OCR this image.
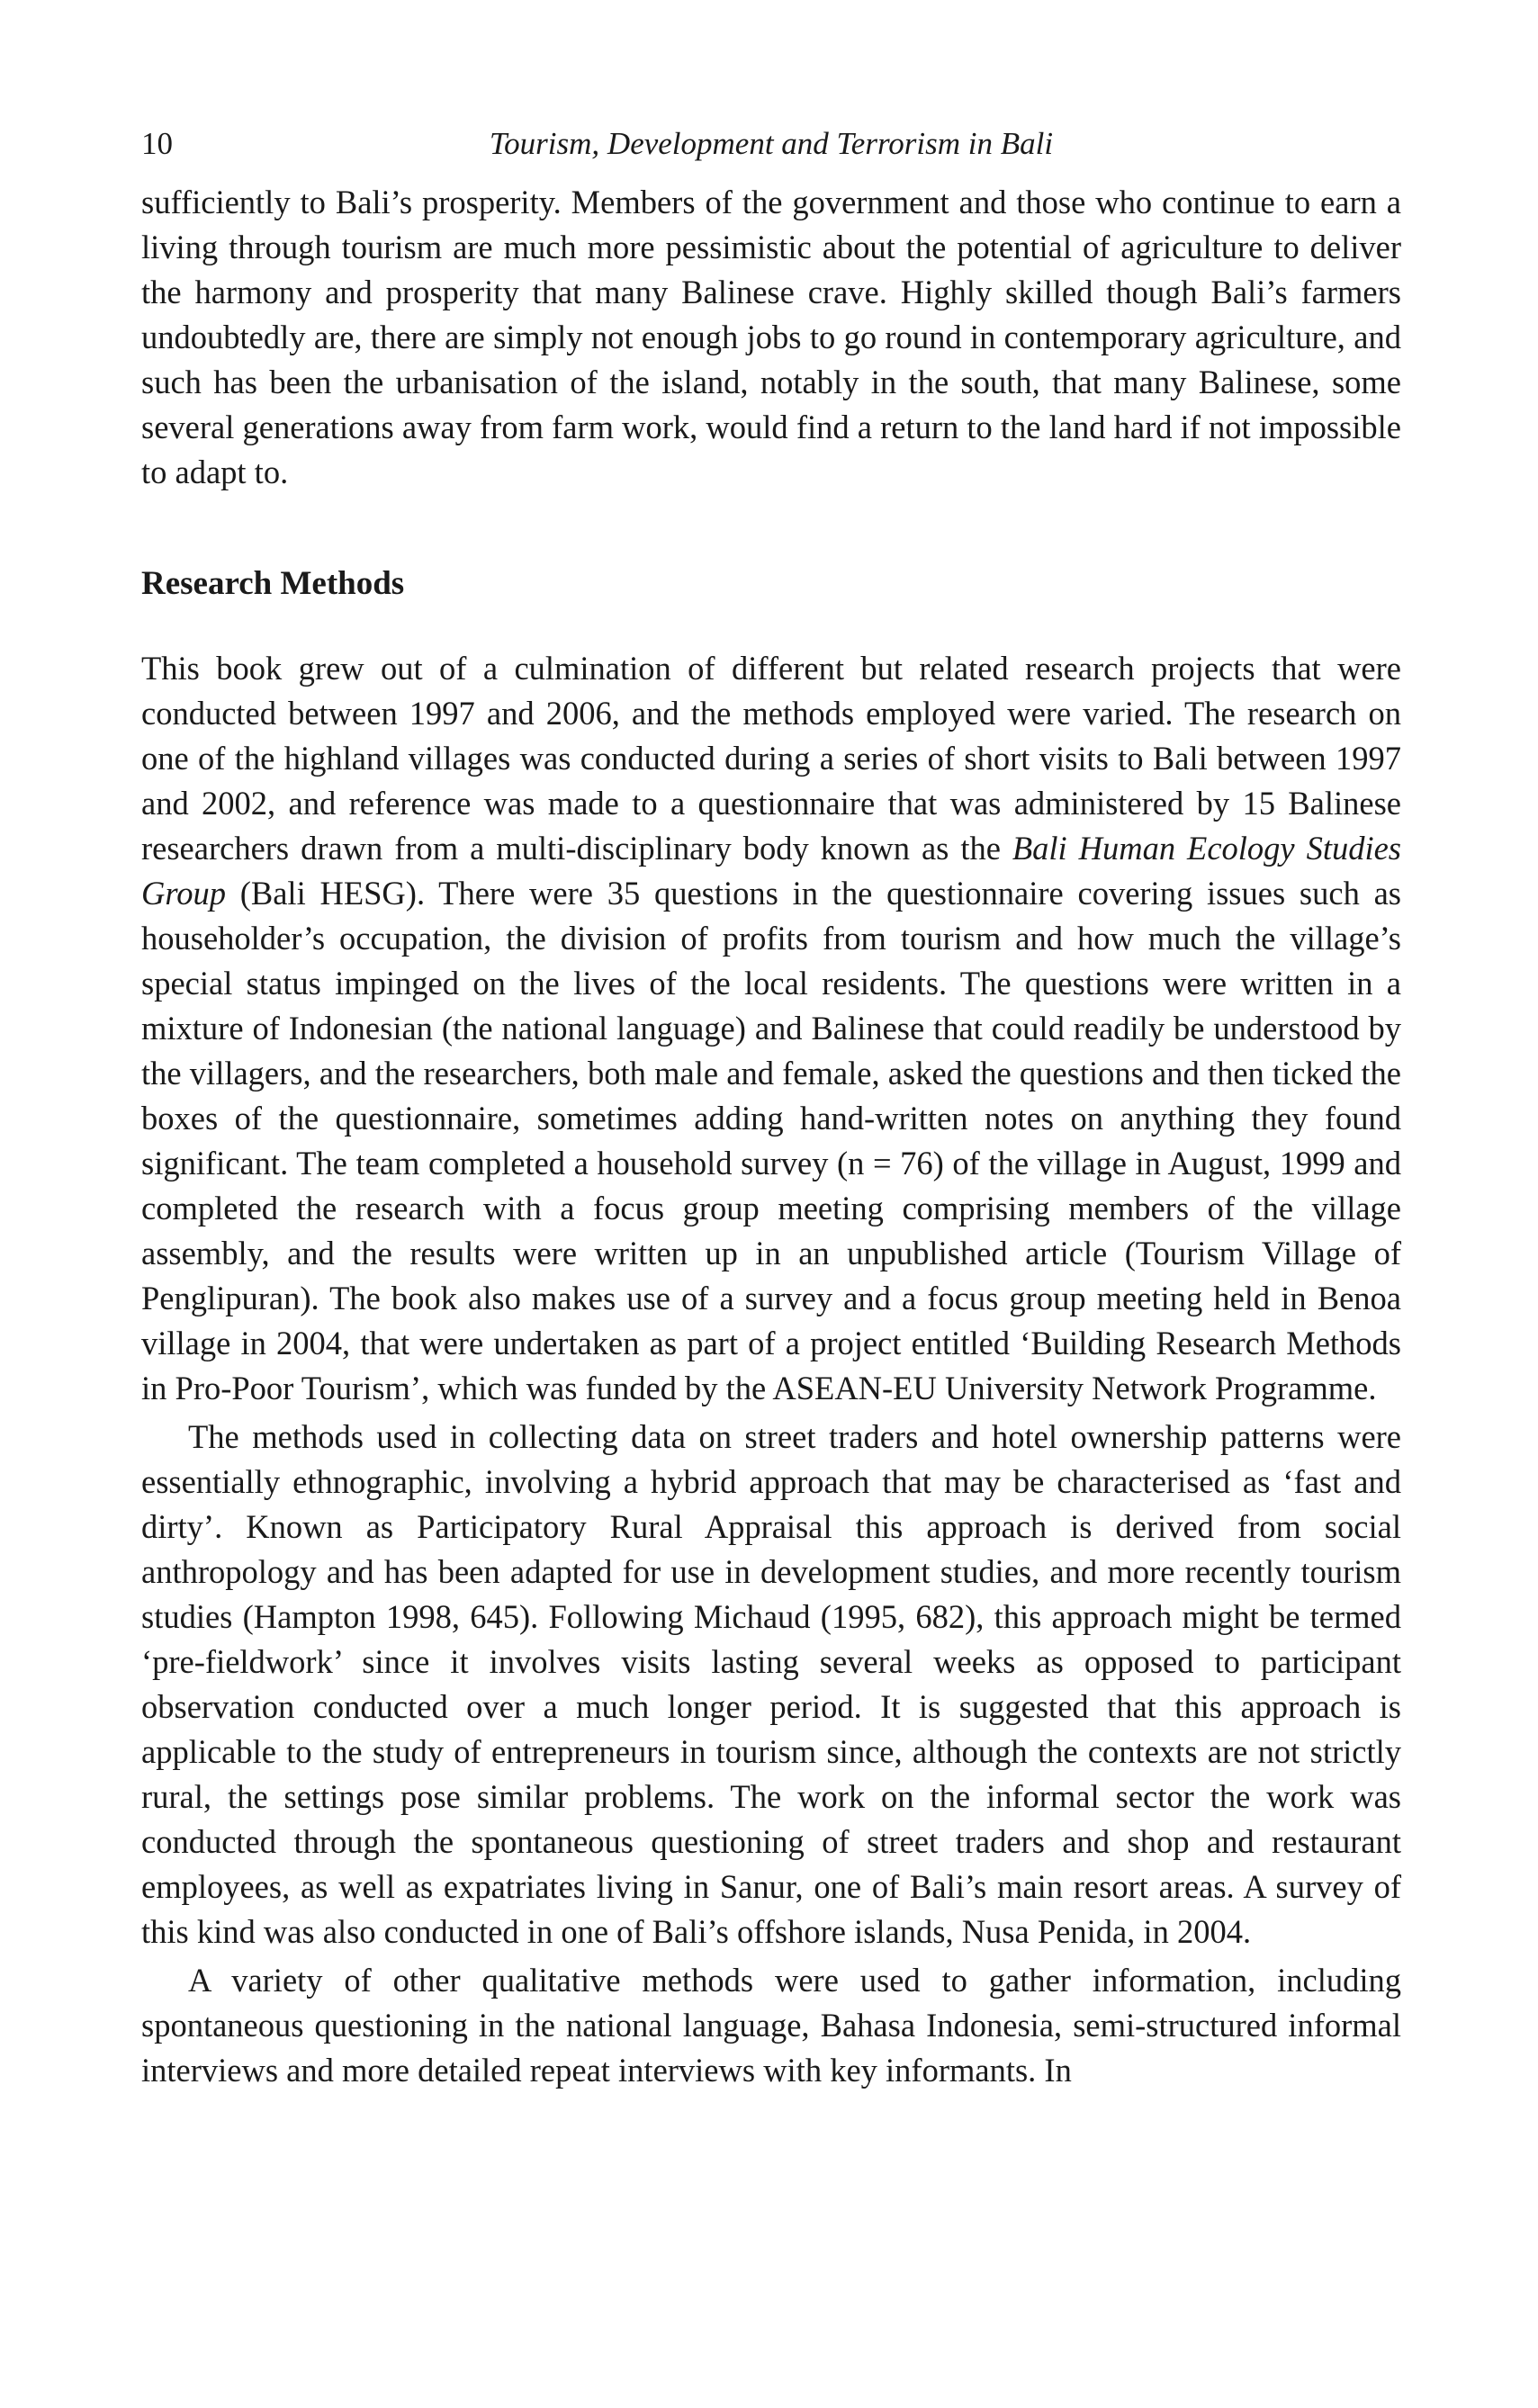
10	Tourism, Development and Terrorism in Bali

sufficiently to Bali’s prosperity. Members of the government and those who continue to earn a living through tourism are much more pessimistic about the potential of agriculture to deliver the harmony and prosperity that many Balinese crave. Highly skilled though Bali’s farmers undoubtedly are, there are simply not enough jobs to go round in contemporary agriculture, and such has been the urbanisation of the island, notably in the south, that many Balinese, some several generations away from farm work, would find a return to the land hard if not impossible to adapt to.

Research Methods

This book grew out of a culmination of different but related research projects that were conducted between 1997 and 2006, and the methods employed were varied. The research on one of the highland villages was conducted during a series of short visits to Bali between 1997 and 2002, and reference was made to a questionnaire that was administered by 15 Balinese researchers drawn from a multi-disciplinary body known as the Bali Human Ecology Studies Group (Bali HESG). There were 35 questions in the questionnaire covering issues such as householder’s occupation, the division of profits from tourism and how much the village’s special status impinged on the lives of the local residents. The questions were written in a mixture of Indonesian (the national language) and Balinese that could readily be understood by the villagers, and the researchers, both male and female, asked the questions and then ticked the boxes of the questionnaire, sometimes adding hand-written notes on anything they found significant. The team completed a household survey (n = 76) of the village in August, 1999 and completed the research with a focus group meeting comprising members of the village assembly, and the results were written up in an unpublished article (Tourism Village of Penglipuran). The book also makes use of a survey and a focus group meeting held in Benoa village in 2004, that were undertaken as part of a project entitled ‘Building Research Methods in Pro-Poor Tourism’, which was funded by the ASEAN-EU University Network Programme.

The methods used in collecting data on street traders and hotel ownership patterns were essentially ethnographic, involving a hybrid approach that may be characterised as ‘fast and dirty’. Known as Participatory Rural Appraisal this approach is derived from social anthropology and has been adapted for use in development studies, and more recently tourism studies (Hampton 1998, 645). Following Michaud (1995, 682), this approach might be termed ‘pre-fieldwork’ since it involves visits lasting several weeks as opposed to participant observation conducted over a much longer period. It is suggested that this approach is applicable to the study of entrepreneurs in tourism since, although the contexts are not strictly rural, the settings pose similar problems. The work on the informal sector the work was conducted through the spontaneous questioning of street traders and shop and restaurant employees, as well as expatriates living in Sanur, one of Bali’s main resort areas. A survey of this kind was also conducted in one of Bali’s offshore islands, Nusa Penida, in 2004.

A variety of other qualitative methods were used to gather information, including spontaneous questioning in the national language, Bahasa Indonesia, semi-structured informal interviews and more detailed repeat interviews with key informants. In
